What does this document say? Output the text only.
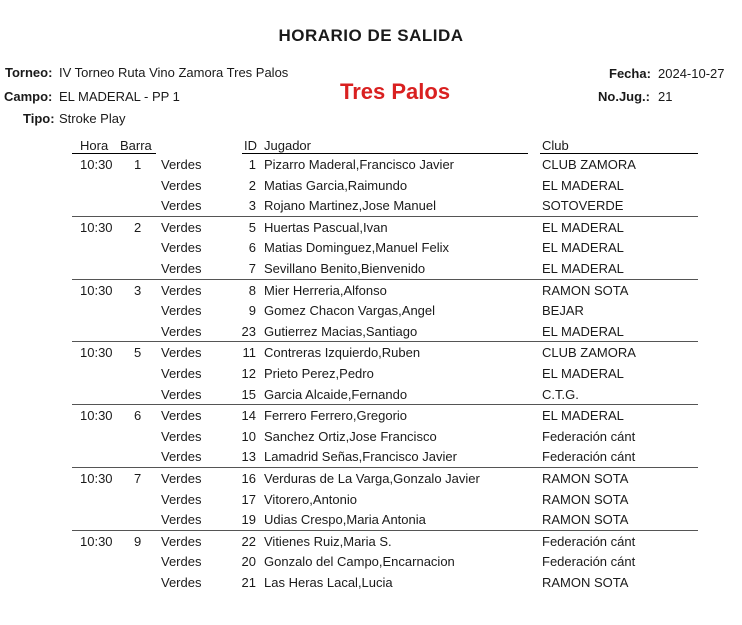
HORARIO DE SALIDA
Torneo: IV Torneo Ruta Vino Zamora Tres Palos
Campo: EL MADERAL - PP 1
Tipo: Stroke Play
Fecha: 2024-10-27
No.Jug.: 21
Tres Palos
Hora Barra	ID Jugador	Club
10:30 1 Verdes	1 Pizarro Maderal,Francisco Javier	CLUB ZAMORA
Verdes	2 Matias Garcia,Raimundo	EL MADERAL
Verdes	3 Rojano Martinez,Jose Manuel	SOTOVERDE
10:30 2 Verdes	5 Huertas Pascual,Ivan	EL MADERAL
Verdes	6 Matias Dominguez,Manuel Felix	EL MADERAL
Verdes	7 Sevillano Benito,Bienvenido	EL MADERAL
10:30 3 Verdes	8 Mier Herreria,Alfonso	RAMON SOTA
Verdes	9 Gomez Chacon Vargas,Angel	BEJAR
Verdes	23 Gutierrez Macias,Santiago	EL MADERAL
10:30 5 Verdes	11 Contreras Izquierdo,Ruben	CLUB ZAMORA
Verdes	12 Prieto Perez,Pedro	EL MADERAL
Verdes	15 Garcia Alcaide,Fernando	C.T.G.
10:30 6 Verdes	14 Ferrero Ferrero,Gregorio	EL MADERAL
Verdes	10 Sanchez Ortiz,Jose Francisco	Federación cánt
Verdes	13 Lamadrid Señas,Francisco Javier	Federación cánt
10:30 7 Verdes	16 Verduras de La Varga,Gonzalo Javier	RAMON SOTA
Verdes	17 Vitorero,Antonio	RAMON SOTA
Verdes	19 Udias Crespo,Maria Antonia	RAMON SOTA
10:30 9 Verdes	22 Vitienes Ruiz,Maria S.	Federación cánt
Verdes	20 Gonzalo del Campo,Encarnacion	Federación cánt
Verdes	21 Las Heras Lacal,Lucia	RAMON SOTA
